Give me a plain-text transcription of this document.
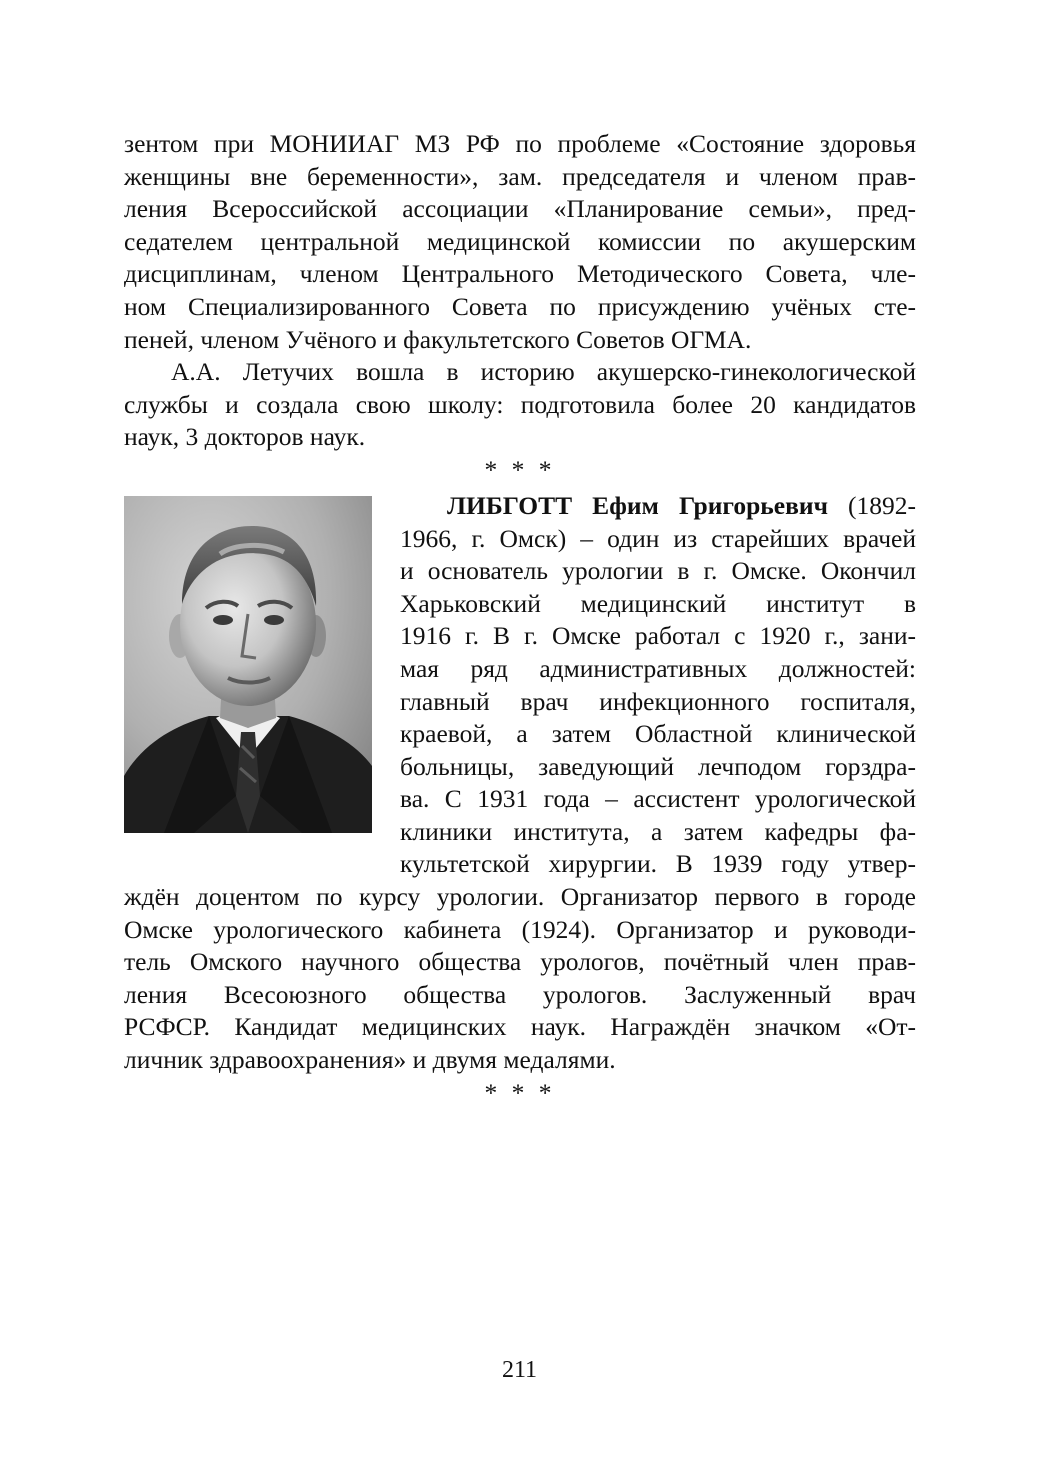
зентом при МОНИИАГ МЗ РФ по проблеме «Состояние здоровья
женщины вне беременности», зам. председателя и членом прав-
ления Всероссийской ассоциации «Планирование семьи», пред-
седателем центральной медицинской комиссии по акушерским
дисциплинам, членом Центрального Методического Совета, чле-
ном Специализированного Совета по присуждению учёных сте-
пеней, членом Учёного и факультетского Советов ОГМА.
А.А. Летучих вошла в историю акушерско-гинекологической
службы и создала свою школу: подготовила более 20 кандидатов
наук, 3 докторов наук.
* * *
ЛИБГОТТ Ефим Григорьевич (1892-
1966, г. Омск) – один из старейших врачей
и основатель урологии в г. Омске. Окончил
Харьковский медицинский институт в
1916 г. В г. Омске работал с 1920 г., зани-
мая ряд административных должностей:
главный врач инфекционного госпиталя,
краевой, а затем Областной клинической
больницы, заведующий лечподом горздра-
ва. С 1931 года – ассистент урологической
клиники института, а затем кафедры фа-
культетской хирургии. В 1939 году утвер-
ждён доцентом по курсу урологии. Организатор первого в городе
Омске урологического кабинета (1924). Организатор и руководи-
тель Омского научного общества урологов, почётный член прав-
ления Всесоюзного общества урологов. Заслуженный врач
РСФСР. Кандидат медицинских наук. Награждён значком «От-
личник здравоохранения» и двумя медалями.
* * *
211
